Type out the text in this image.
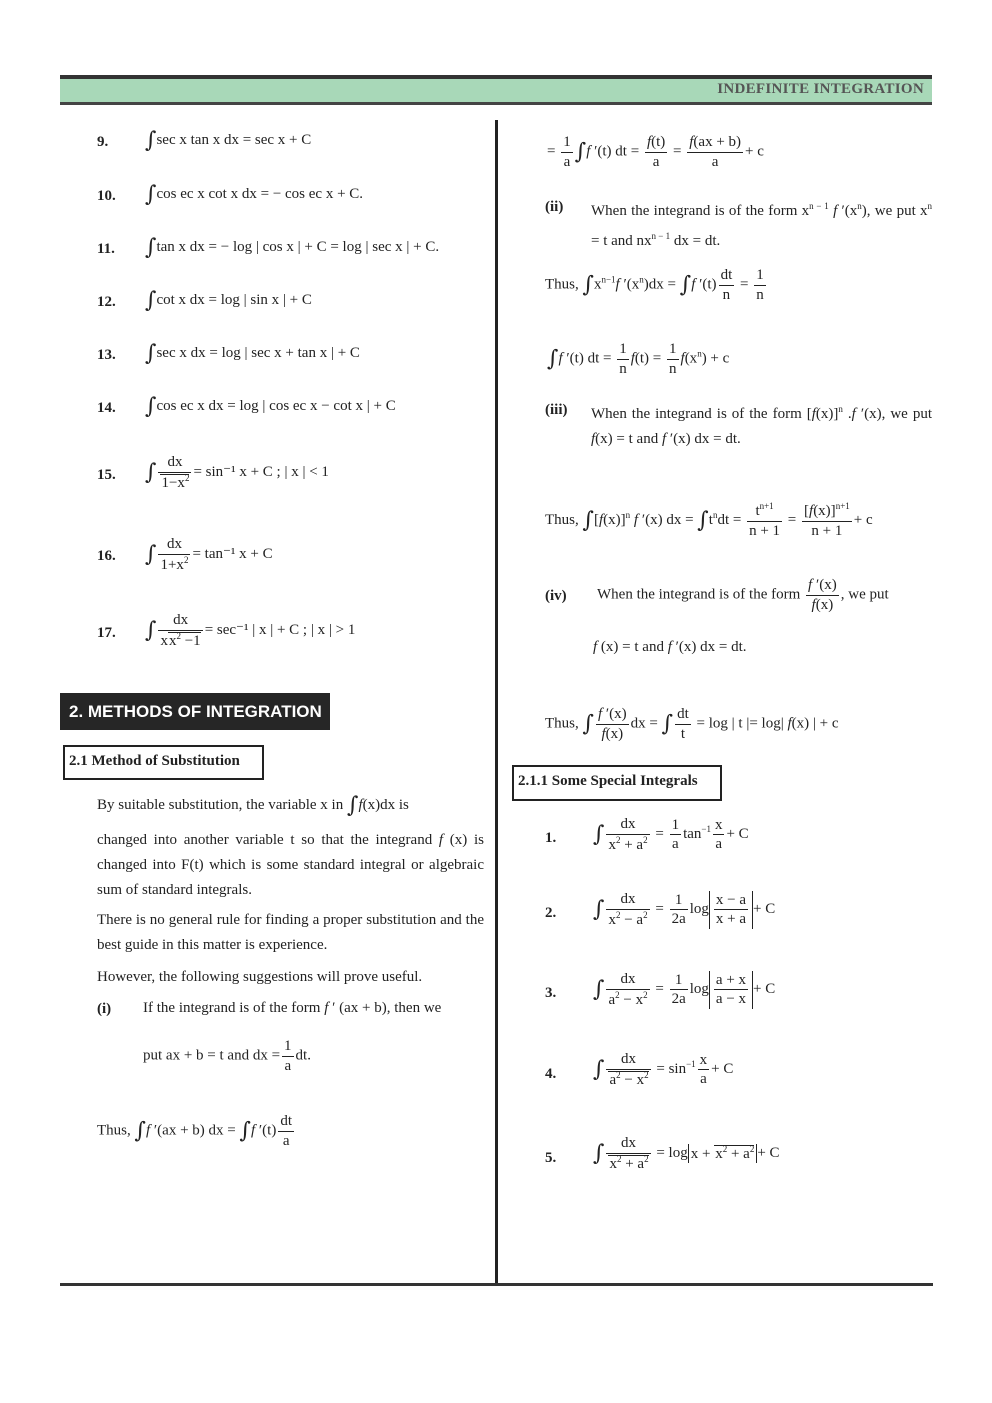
INDEFINITE INTEGRATION
9. ∫sec x tan x dx = sec x + C
10. ∫cos ec x cot x dx = − cos ec x + C.
11. ∫tan x dx = − log | cos x | + C = log | sec x | + C.
12. ∫cot x dx = log | sin x | + C
13. ∫sec x dx = log | sec x + tan x | + C
14. ∫cos ec x dx = log | cos ec x − cot x | + C
15. ∫ $\frac{dx}{1-x^2} = \sin^{-1}$ x + C ; | x | < 1
16. ∫ $\frac{dx}{1+x^2} = \tan^{-1}$ x + C
17. ∫ $\frac{dx}{xx^2 -1} = \sec^{-1}$ | x | + C ; | x | > 1
2. METHODS OF INTEGRATION
2.1 Method of Substitution
By suitable substitution, the variable x in ∫f(x)dx is
changed into another variable t so that the integrand f (x) is changed into F(t) which is some standard integral or algebraic sum of standard integrals.
There is no general rule for finding a proper substitution and the best guide in this matter is experience.
However, the following suggestions will prove useful.
(i) If the integrand is of the form f ′ (ax + b), then we
put ax + b = t and dx = $\frac{1}{a}$ dt.
Thus, ∫f ′(ax + b) dx = ∫f $'(t) \frac{dt}{a}$
= $\frac{1}{a} \int f$ ′(t) dt = $\frac{f(t)}{a} = \frac{f(ax + b)}{a} + c$
(ii) When the integrand is of the form $x^{n - 1}$ f $'(x^n)$, we put $x^n = t$ and $nx^{n - 1}$ dx = dt.
Thus, $\int x^{n-1}f$ $'(x^n)dx = \int f$ $'(t) \frac{dt}{n} = \frac{1}{n}$
∫f ′(t) dt = $\frac{1}{n} f(t) = \frac{1}{n} f(x^n) + c$
(iii) When the integrand is of the form $[f(x)]^n$ .f ′(x), we put f(x) = t and f ′(x) dx = dt.
Thus, $\int[f(x)]^n$ f ′(x) dx = $\int t^ndt = \frac{t^{n+1}}{n + 1} = \frac{[f(x)]^{n+1}}{n + 1} + c$
(iv) When the integrand is of the form $\frac{f '(x)}{f(x)}$ , we put
f (x) = t and f ′(x) dx = dt.
Thus, ∫ $\frac{f '(x)}{f(x)}$ dx = ∫ $\frac{dt}{t} = \log$ | t |= log| f(x) | + c
2.1.1 Some Special Integrals
1. ∫ $\frac{dx}{x^2 + a^2} = \frac{1}{a} \tan^{-1} \frac{x}{a} + C$
2. ∫ $\frac{dx}{x^2 - a^2} = \frac{1}{2a}$ $\log \frac{x - a}{x + a} + C$
3. ∫ $\frac{dx}{a^2 - x^2} = \frac{1}{2a}$ $\log \frac{a + x}{a - x} + C$
4. ∫ $\frac{dx}{a^2 - x^2} = \sin^{-1} \frac{x}{a} + C$
5. ∫ $\frac{dx}{x^2 + a^2} = \log x + x^2 + a^2 + C$
